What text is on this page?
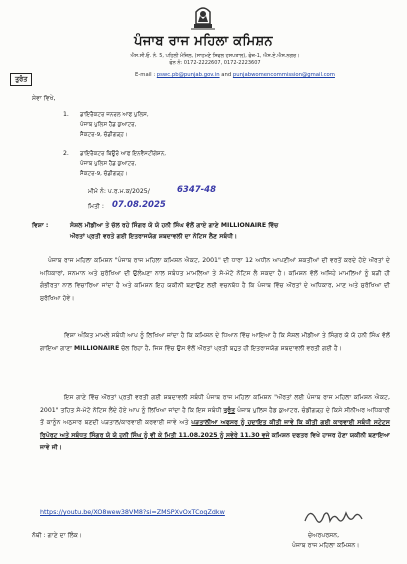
ਪੰਜਾਬ ਰਾਜ ਮਹਿਲਾ ਕਮਿਸ਼ਨ
ਐਸ.ਸੀ.ਓ. ਨੰ. 5, ਪਹਿਲੀ ਮੰਜ਼ਿਲ, (ਸਾਹਮਣੇ ਸਿਵਲ ਹਸਪਤਾਲ), ਫੇਜ਼-1, ਐਸ.ਏ.ਐਸ.ਨਗਰ।
ਫੋਨ ਨੰ: 0172-2222607, 0172-2223607
ਤੁਰੰਤ	E-mail : pswc.pb@punjab.gov.in and punjabwomencommission@gmail.com
ਸੇਵਾ ਵਿਖੇ,
1. ਡਾਇਰੈਕਟਰ ਜਨਰਲ ਆਫ ਪੁਲਿਸ,
ਪੰਜਾਬ ਪੁਲਿਸ ਹੈਡ ਕੁਆਟਰ,
ਸੈਕਟਰ-9, ਚੰਡੀਗੜ੍ਹ।
2. ਡਾਇਰੈਕਟਰ ਬਿਊਰੋ ਆਫ ਇਨਵੈਸਟੀਗੇਸ਼ਨ,
ਪੰਜਾਬ ਪੁਲਿਸ ਹੈਡ ਕੁਆਟਰ,
ਸੈਕਟਰ-9, ਚੰਡੀਗੜ੍ਹ।
ਮੀਮੋ ਨੰ: ਪ.ਰ.ਮ.ਕ/2025/	6347-48
ਮਿਤੀ : 07.08.2025
ਵਿਸ਼ਾ :	ਸੋਸ਼ਲ ਮੀਡੀਆ ਤੇ ਚੱਲ ਰਹੇ ਸਿੰਗਰ ਯੋ ਯੋ ਹਨੀ ਸਿੰਘ ਵੱਲੋਂ ਗਾਏ ਗਾਣੇ MILLIONAIRE ਵਿੱਚ
ਔਰਤਾਂ ਪ੍ਰਤੀ ਵਰਤੇ ਗਈ ਇਤਰਾਜਯੋਗ ਸ਼ਬਦਾਵਲੀ ਦਾ ਨੋਟਿਸ ਲੈਣ ਸਬੰਧੀ।
ਪੰਜਾਬ ਰਾਜ ਮਹਿਲਾ ਕਮਿਸ਼ਨ "ਪੰਜਾਬ ਰਾਜ ਮਹਿਲਾ ਕਮਿਸ਼ਨ ਐਕਟ, 2001" ਦੀ ਧਾਰਾ 12 ਅਧੀਨ ਆਪਣੀਆਂ ਸ਼ਕਤੀਆਂ ਦੀ ਵਰਤੋਂ ਕਰਦੇ ਹੋਏ ਔਰਤਾਂ ਦੇ ਅਧਿਕਾਰਾਂ, ਸਨਮਾਨ ਅਤੇ ਸੁਰੱਖਿਆ ਦੀ ਉਲੰਘਣਾ ਨਾਲ ਸਬੰਧਤ ਮਾਮਲਿਆ ਤੇ ਸੋ-ਮੋਟੋ ਨੋਟਿਸ ਲੈ ਸਕਦਾ ਹੈ। ਕਮਿਸ਼ਨ ਵੱਲੋਂ ਅਜਿਹੇ ਮਾਮਲਿਆਂ ਨੂੰ ਬੜੀ ਹੀ ਗੰਭੀਰਤਾ ਨਾਲ ਵਿਚਾਰਿਆ ਜਾਂਦਾ ਹੈ ਅਤੇ ਕਮਿਸ਼ਨ ਇਹ ਯਕੀਨੀ ਬਣਾਉਣ ਲਈ ਵਚਨਬੱਧ ਹੈ ਕਿ ਪੰਜਾਬ ਵਿੱਚ ਔਰਤਾਂ ਦੇ ਅਧਿਕਾਰ, ਮਾਣ ਅਤੇ ਸੁਰੱਖਿਆ ਦੀ ਸੁਰੱਖਿਆ ਹੋਵੇ।
ਵਿਸ਼ਾ ਅੰਕਿਤ ਮਾਮਲੇ ਸਬੰਧੀ ਆਪ ਨੂੰ ਲਿਖਿਆ ਜਾਂਦਾ ਹੈ ਕਿ ਕਮਿਸ਼ਨ ਦੇ ਧਿਆਨ ਵਿੱਚ ਆਇਆ ਹੈ ਕਿ ਸੋਸ਼ਲ ਮੀਡੀਆ ਤੇ ਸਿੰਗਰ ਯੋ ਯੋ ਹਨੀ ਸਿੰਘ ਵੱਲੋਂ ਗਾਇਆ ਗਾਣਾ MILLIONAIRE ਚੱਲ ਰਿਹਾ ਹੈ, ਜਿਸ ਵਿੱਚ ਉਸ ਵੱਲੋਂ ਔਰਤਾਂ ਪ੍ਰਤੀ ਬਹੁਤ ਹੀ ਇਤਰਾਜਯੋਗ ਸ਼ਬਦਾਵਲੀ ਵਰਤੀ ਗਈ ਹੈ।
ਇਸ ਗਾਣੇ ਵਿੱਚ ਔਰਤਾਂ ਪ੍ਰਤੀ ਵਰਤੀ ਗਈ ਸ਼ਬਦਾਵਲੀ ਸਬੰਧੀ ਪੰਜਾਬ ਰਾਜ ਮਹਿਲਾ ਕਮਿਸ਼ਨ "ਔਰਤਾਂ ਲਈ ਪੰਜਾਬ ਰਾਜ ਮਹਿਲਾ ਕਮਿਸ਼ਨ ਐਕਟ, 2001" ਤਹਿਤ ਸੋ-ਮੋਟੋ ਨੋਟਿਸ ਲੈਂਦੇ ਹੋਏ ਆਪ ਨੂੰ ਲਿਖਿਆ ਜਾਂਦਾ ਹੈ ਕਿ ਇਸ ਸਬੰਧੀ ਤੁਰੰਤ ਪੰਜਾਬ ਪੁਲਿਸ ਹੈਡ ਕੁਆਟਰ, ਚੰਡੀਗੜ੍ਹ ਦੇ ਕਿਸੇ ਸੀਨੀਅਰ ਅਧਿਕਾਰੀ ਤੋਂ ਕਾਨੂੰਨ ਅਨੁਸਾਰ ਬਣਦੀ ਪੜਤਾਲ/ਕਾਰਵਾਈ ਕਰਵਾਈ ਜਾਵੇ ਅਤੇ ਪੜਤਾਲੀਆ ਅਫਸਰ ਨੂੰ ਹਦਾਇਤ ਕੀਤੀ ਜਾਵੇ ਕਿ ਕੀਤੀ ਗਈ ਕਾਰਵਾਈ ਸਬੰਧੀ ਸਟੇਟਸ ਰਿਪੋਰਟ ਅਤੇ ਸਬੰਧਤ ਸਿੰਗਰ ਯੋ ਯੋ ਹਨੀ ਸਿੰਘ ਨੂੰ ਵੀ ਕੇ ਮਿਤੀ 11.08.2025 ਨੂੰ ਸਵੇਰੇ 11.30 ਵਜੇ ਕਮਿਸ਼ਨ ਦਫਤਰ ਵਿਖੇ ਹਾਜਰ ਹੋਣਾ ਯਕੀਨੀ ਬਣਾਇਆ ਜਾਵੇ ਜੀ।
https://youtu.be/XO8wew38VM8?si=ZMSPXvOxTCogZdkw
ਚੇਅਰਪਰਸਨ,
ਪੰਜਾਬ ਰਾਜ ਮਹਿਲਾ ਕਮਿਸ਼ਨ।
ਨੱਥੀ : ਗਾਣੇ ਦਾ ਲਿੰਕ।
